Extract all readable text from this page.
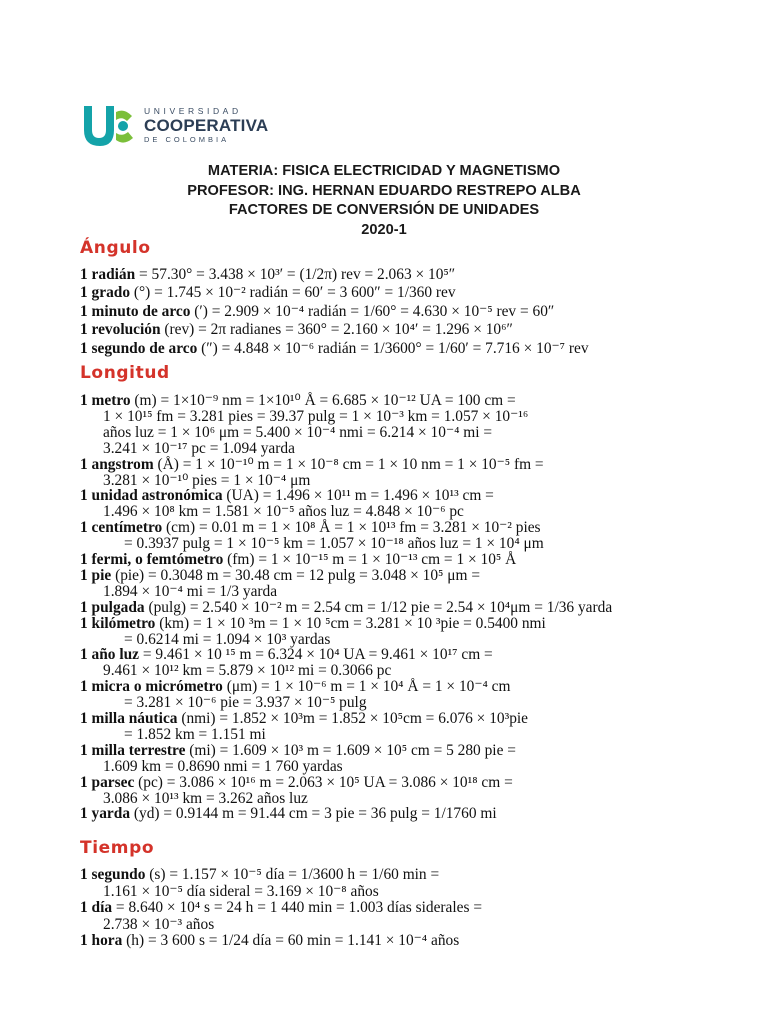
UNIVERSIDAD
COOPERATIVA
DE COLOMBIA
MATERIA: FISICA ELECTRICIDAD Y MAGNETISMO
PROFESOR: ING. HERNAN EDUARDO RESTREPO ALBA
FACTORES DE CONVERSIÓN DE UNIDADES
2020-1
Ángulo
1 radián = 57.30° = 3.438 × 10³′ = (1/2π) rev = 2.063 × 10⁵″
1 grado (°) = 1.745 × 10⁻² radián = 60′ = 3 600″ = 1/360 rev
1 minuto de arco (′) = 2.909 × 10⁻⁴ radián = 1/60° = 4.630 × 10⁻⁵ rev = 60″
1 revolución (rev) = 2π radianes = 360° = 2.160 × 10⁴′ = 1.296 × 10⁶″
1 segundo de arco (″) = 4.848 × 10⁻⁶ radián = 1/3600° = 1/60′ = 7.716 × 10⁻⁷ rev
Longitud
1 metro (m) = 1×10⁻⁹ nm = 1×10¹⁰ Å = 6.685 × 10⁻¹² UA = 100 cm =
1 × 10¹⁵ fm = 3.281 pies = 39.37 pulg = 1 × 10⁻³ km = 1.057 × 10⁻¹⁶
años luz = 1 × 10⁶ μm = 5.400 × 10⁻⁴ nmi = 6.214 × 10⁻⁴ mi =
3.241 × 10⁻¹⁷ pc = 1.094 yarda
1 angstrom (Å) = 1 × 10⁻¹⁰ m = 1 × 10⁻⁸ cm = 1 × 10 nm = 1 × 10⁻⁵ fm =
3.281 × 10⁻¹⁰ pies = 1 × 10⁻⁴ μm
1 unidad astronómica (UA) = 1.496 × 10¹¹ m = 1.496 × 10¹³ cm =
1.496 × 10⁸ km = 1.581 × 10⁻⁵ años luz = 4.848 × 10⁻⁶ pc
1 centímetro (cm) = 0.01 m = 1 × 10⁸ Å = 1 × 10¹³ fm = 3.281 × 10⁻² pies
= 0.3937 pulg = 1 × 10⁻⁵ km = 1.057 × 10⁻¹⁸ años luz = 1 × 10⁴ μm
1 fermi, o femtómetro (fm) = 1 × 10⁻¹⁵ m = 1 × 10⁻¹³ cm = 1 × 10⁵ Å
1 pie (pie) = 0.3048 m = 30.48 cm = 12 pulg = 3.048 × 10⁵ μm =
1.894 × 10⁻⁴ mi = 1/3 yarda
1 pulgada (pulg) = 2.540 × 10⁻² m = 2.54 cm = 1/12 pie = 2.54 × 10⁴μm = 1/36 yarda
1 kilómetro (km) = 1 × 10 ³m = 1 × 10 ⁵cm = 3.281 × 10 ³pie = 0.5400 nmi
= 0.6214 mi = 1.094 × 10³ yardas
1 año luz = 9.461 × 10 ¹⁵ m = 6.324 × 10⁴ UA = 9.461 × 10¹⁷ cm =
9.461 × 10¹² km = 5.879 × 10¹² mi = 0.3066 pc
1 micra o micrómetro (μm) = 1 × 10⁻⁶ m = 1 × 10⁴ Å = 1 × 10⁻⁴ cm
= 3.281 × 10⁻⁶ pie = 3.937 × 10⁻⁵ pulg
1 milla náutica (nmi) = 1.852 × 10³m = 1.852 × 10⁵cm = 6.076 × 10³pie
= 1.852 km = 1.151 mi
1 milla terrestre (mi) = 1.609 × 10³ m = 1.609 × 10⁵ cm = 5 280 pie =
1.609 km = 0.8690 nmi = 1 760 yardas
1 parsec (pc) = 3.086 × 10¹⁶ m = 2.063 × 10⁵ UA = 3.086 × 10¹⁸ cm =
3.086 × 10¹³ km = 3.262 años luz
1 yarda (yd) = 0.9144 m = 91.44 cm = 3 pie = 36 pulg = 1/1760 mi
Tiempo
1 segundo (s) = 1.157 × 10⁻⁵ día = 1/3600 h = 1/60 min =
1.161 × 10⁻⁵ día sideral = 3.169 × 10⁻⁸ años
1 día = 8.640 × 10⁴ s = 24 h = 1 440 min = 1.003 días siderales =
2.738 × 10⁻³ años
1 hora (h) = 3 600 s = 1/24 día = 60 min = 1.141 × 10⁻⁴ años
